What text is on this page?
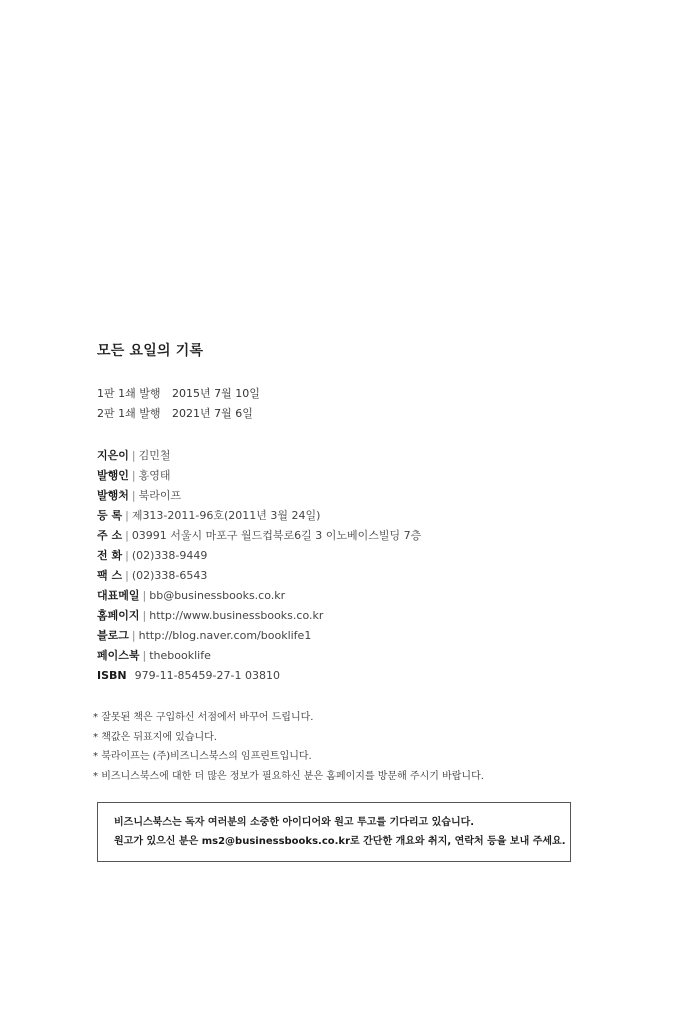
모든 요일의 기록
1판 1쇄 발행 2015년 7월 10일
2판 1쇄 발행 2021년 7월 6일
지은이 | 김민철
발행인 | 홍영태
발행처 | 북라이프
등 록 | 제313-2011-96호(2011년 3월 24일)
주 소 | 03991 서울시 마포구 월드컵북로6길 3 이노베이스빌딩 7층
전 화 | (02)338-9449
팩 스 | (02)338-6543
대표메일 | bb@businessbooks.co.kr
홈페이지 | http://www.businessbooks.co.kr
블로그 | http://blog.naver.com/booklife1
페이스북 | thebooklife
ISBN 979-11-85459-27-1 03810
* 잘못된 책은 구입하신 서점에서 바꾸어 드립니다.
* 책값은 뒤표지에 있습니다.
* 북라이프는 (주)비즈니스북스의 임프린트입니다.
* 비즈니스북스에 대한 더 많은 정보가 필요하신 분은 홈페이지를 방문해 주시기 바랍니다.
비즈니스북스는 독자 여러분의 소중한 아이디어와 원고 투고를 기다리고 있습니다.
원고가 있으신 분은 ms2@businessbooks.co.kr로 간단한 개요와 취지, 연락처 등을 보내 주세요.
